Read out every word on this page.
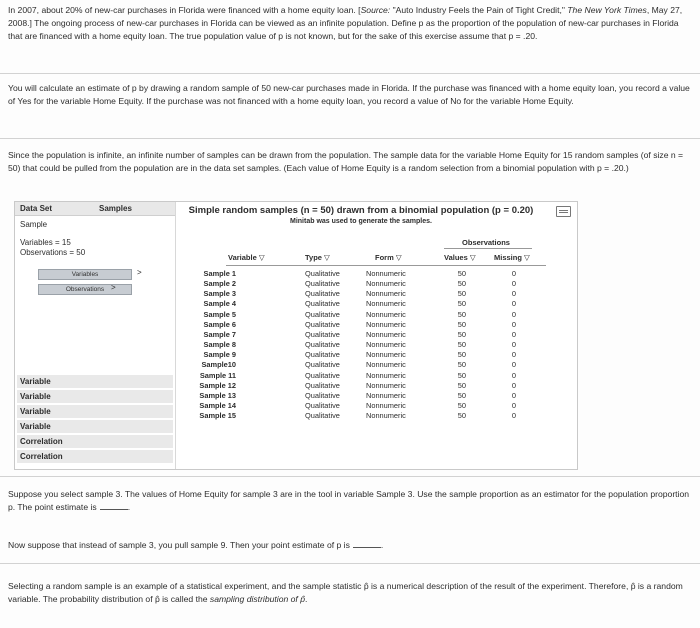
In 2007, about 20% of new-car purchases in Florida were financed with a home equity loan. [Source: "Auto Industry Feels the Pain of Tight Credit," The New York Times, May 27, 2008.] The ongoing process of new-car purchases in Florida can be viewed as an infinite population. Define p as the proportion of the population of new-car purchases in Florida that are financed with a home equity loan. The true population value of p is not known, but for the sake of this exercise assume that p = .20.
You will calculate an estimate of p by drawing a random sample of 50 new-car purchases made in Florida. If the purchase was financed with a home equity loan, you record a value of Yes for the variable Home Equity. If the purchase was not financed with a home equity loan, you record a value of No for the variable Home Equity.
Since the population is infinite, an infinite number of samples can be drawn from the population. The sample data for the variable Home Equity for 15 random samples (of size n = 50) that could be pulled from the population are in the data set samples. (Each value of Home Equity is a random selection from a binomial population with p = .20.)
Data Set	Samples
Sample
Variables = 15
Observations = 50
Variables	>
Observations >
Variable
Variable
Variable
Variable
Correlation
Correlation
Simple random samples (n = 50) drawn from a binomial population (p = 0.20)
Minitab was used to generate the samples.
Observations
Variable ▽	Type ▽	Form ▽	Values ▽ Missing ▽
Sample 1	Qualitative	Nonnumeric	50	0
Sample 2	Qualitative	Nonnumeric	50	0
Sample 3	Qualitative	Nonnumeric	50	0
Sample 4	Qualitative	Nonnumeric	50	0
Sample 5	Qualitative	Nonnumeric	50	0
Sample 6	Qualitative	Nonnumeric	50	0
Sample 7	Qualitative	Nonnumeric	50	0
Sample 8	Qualitative	Nonnumeric	50	0
Sample 9	Qualitative	Nonnumeric	50	0
Sample10	Qualitative	Nonnumeric	50	0
Sample 11	Qualitative	Nonnumeric	50	0
Sample 12	Qualitative	Nonnumeric	50	0
Sample 13	Qualitative	Nonnumeric	50	0
Sample 14	Qualitative	Nonnumeric	50	0
Sample 15	Qualitative	Nonnumeric	50	0
Suppose you select sample 3. The values of Home Equity for sample 3 are in the tool in variable Sample 3. Use the sample proportion as an estimator for the population proportion p. The point estimate is	.
Now suppose that instead of sample 3, you pull sample 9. Then your point estimate of p is	.
Selecting a random sample is an example of a statistical experiment, and the sample statistic p̂ is a numerical description of the result of the experiment. Therefore, p̂ is a random variable. The probability distribution of p̂ is called the sampling distribution of p̂.
